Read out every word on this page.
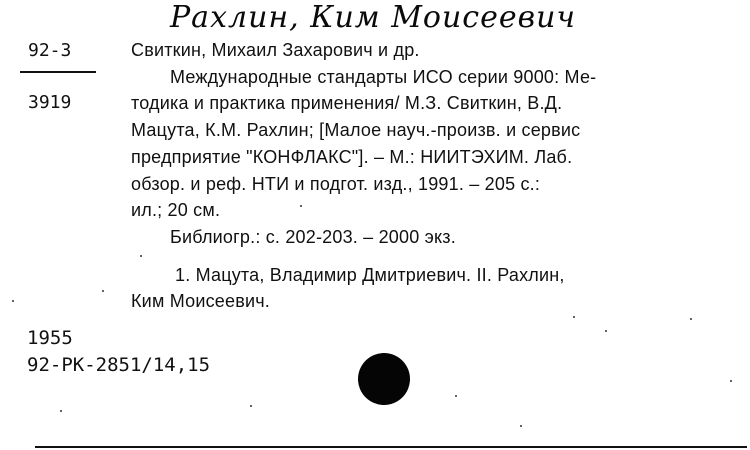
Рахлин, Ким Моисеевич
92-3
3919
Свиткин, Михаил Захарович и др.
Международные стандарты ИСО серии 9000: Ме-
тодика и практика применения/ М.З. Свиткин, В.Д.
Мацута, К.М. Рахлин; [Малое науч.-произв. и сервис
предприятие "КОНФЛАКС"]. – М.: НИИТЭХИМ. Лаб.
обзор. и реф. НТИ и подгот. изд., 1991. – 205 с.:
ил.; 20 см.
Библиогр.: с. 202-203. – 2000 экз.
1. Мацута, Владимир Дмитриевич. II. Рахлин,
Ким Моисеевич.
1955
92-РК-2851/14,15
